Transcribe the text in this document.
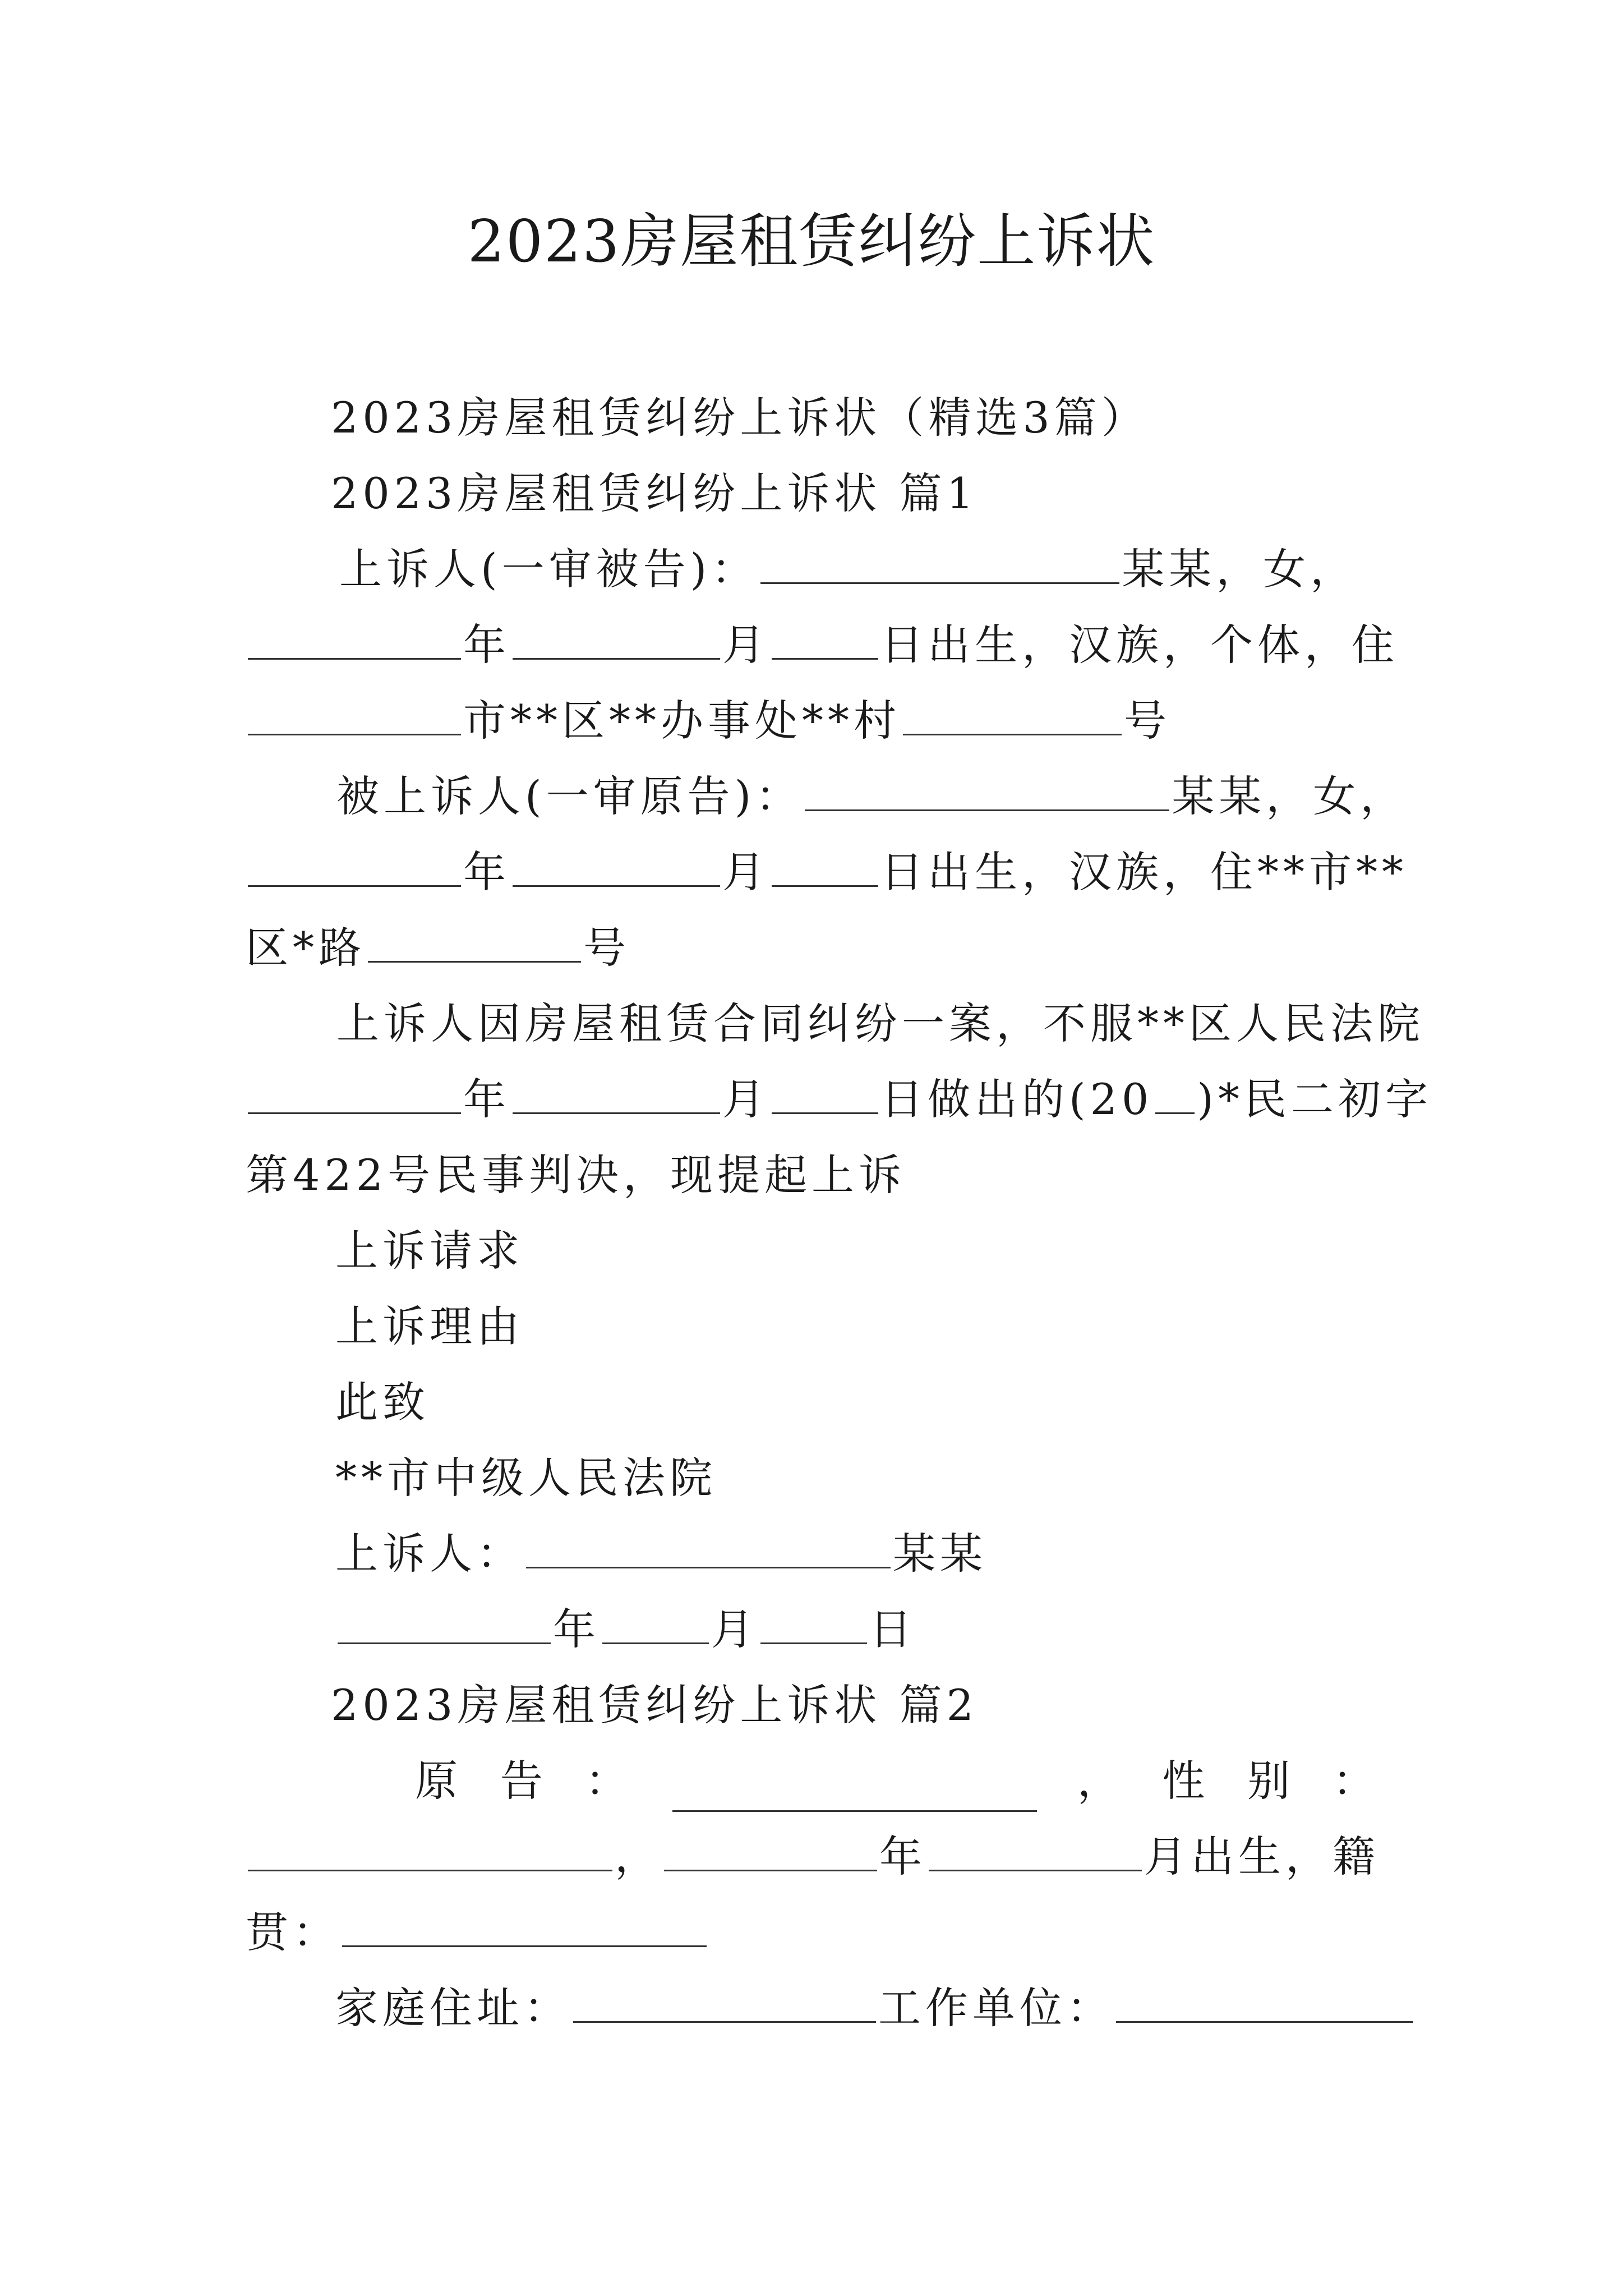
2023房屋租赁纠纷上诉状
2023房屋租赁纠纷上诉状（精选3篇）
2023房屋租赁纠纷上诉状 篇1
上诉人(一审被告)：	某某，女，
年	月	日出生，汉族，个体，住
市**区**办事处**村	号
被上诉人(一审原告)：	某某，女，
年	月	日出生，汉族，住**市**
区*路	号
上诉人因房屋租赁合同纠纷一案，不服**区人民法院
年	月	日做出的(20 )*民二初字
第422号民事判决，现提起上诉
上诉请求
上诉理由
此致
**市中级人民法院
上诉人：	某某
年	月	日
2023房屋租赁纠纷上诉状 篇2
原 告 ：	， 性 别 ：
，	年	月出生，籍
贯：
家庭住址：	工作单位：
